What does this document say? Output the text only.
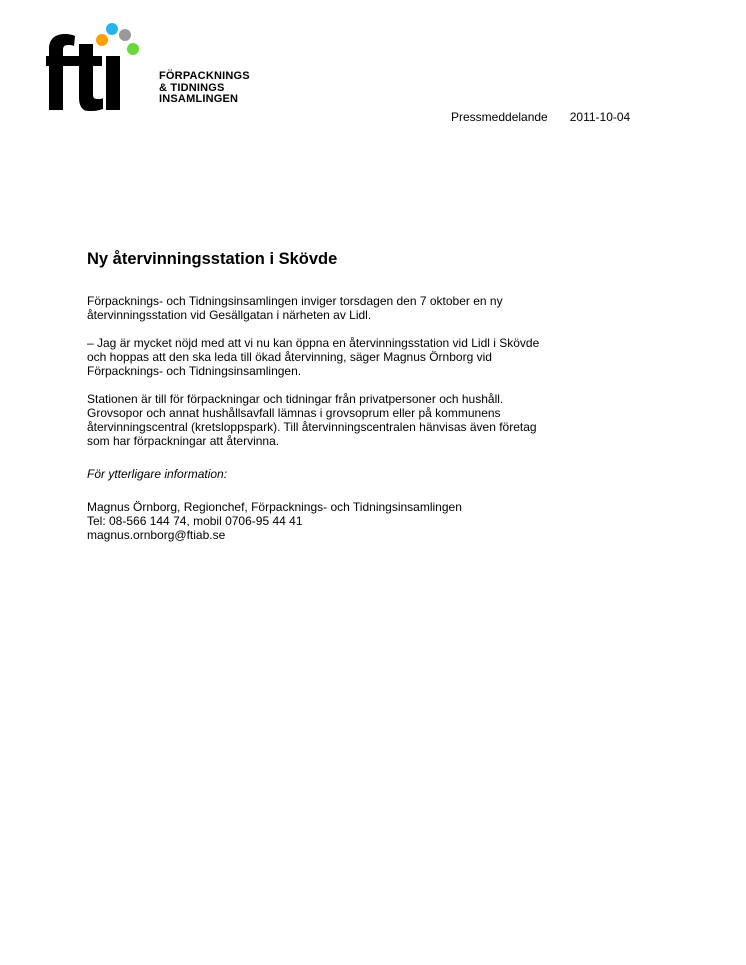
FÖRPACKNINGS
& TIDNINGS
INSAMLINGEN
Pressmeddelande 2011-10-04
Ny återvinningsstation i Skövde

Förpacknings- och Tidningsinsamlingen inviger torsdagen den 7 oktober en ny
återvinningsstation vid Gesällgatan i närheten av Lidl.

– Jag är mycket nöjd med att vi nu kan öppna en återvinningsstation vid Lidl i Skövde
och hoppas att den ska leda till ökad återvinning, säger Magnus Örnborg vid
Förpacknings- och Tidningsinsamlingen.

Stationen är till för förpackningar och tidningar från privatpersoner och hushåll.
Grovsopor och annat hushållsavfall lämnas i grovsoprum eller på kommunens
återvinningscentral (kretsloppspark). Till återvinningscentralen hänvisas även företag
som har förpackningar att återvinna.

För ytterligare information:

Magnus Örnborg, Regionchef, Förpacknings- och Tidningsinsamlingen
Tel: 08-566 144 74, mobil 0706-95 44 41
magnus.ornborg@ftiab.se
